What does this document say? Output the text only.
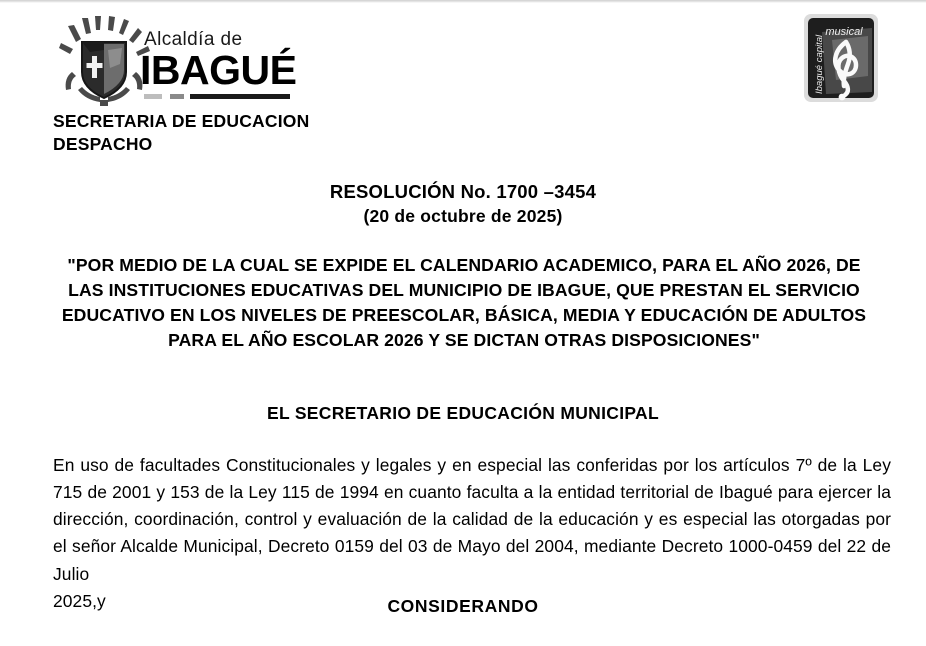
Alcaldía de
IBAGUÉ
musical
Ibagué capital
SECRETARIA DE EDUCACION
DESPACHO
RESOLUCIÓN No. 1700 –3454
(20 de octubre de 2025)
"POR MEDIO DE LA CUAL SE EXPIDE EL CALENDARIO ACADEMICO, PARA EL AÑO 2026, DE LAS INSTITUCIONES EDUCATIVAS DEL MUNICIPIO DE IBAGUE, QUE PRESTAN EL SERVICIO EDUCATIVO EN LOS NIVELES DE PREESCOLAR, BÁSICA, MEDIA Y EDUCACIÓN DE ADULTOS PARA EL AÑO ESCOLAR 2026 Y SE DICTAN OTRAS DISPOSICIONES"
EL SECRETARIO DE EDUCACIÓN MUNICIPAL
En uso de facultades Constitucionales y legales y en especial las conferidas por los artículos 7º de la Ley 715 de 2001 y 153 de la Ley 115 de 1994 en cuanto faculta a la entidad territorial de Ibagué para ejercer la dirección, coordinación, control y evaluación de la calidad de la educación y es especial las otorgadas por el señor Alcalde Municipal, Decreto 0159 del 03 de Mayo del 2004, mediante Decreto 1000-0459 del 22 de Julio
2025,y	CONSIDERANDO
